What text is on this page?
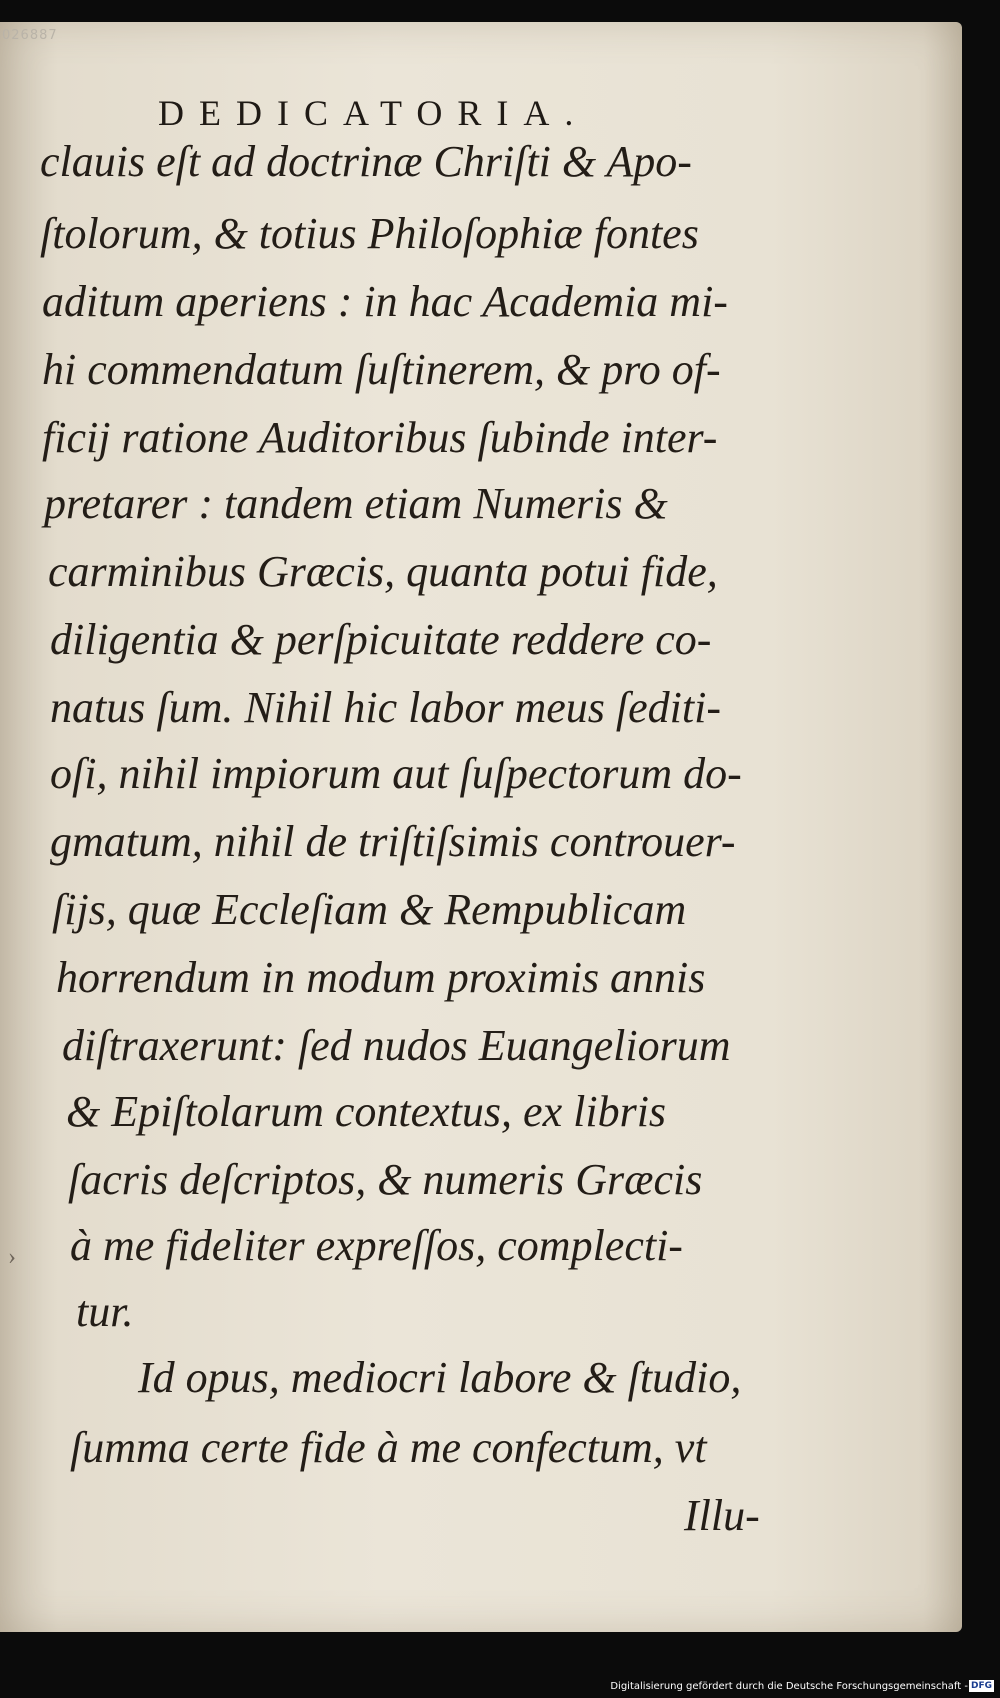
026887
DEDICATORIA.
clauis eſt ad doctrinæ Chriſti & Apo-
ſtolorum, & totius Philoſophiæ fontes
aditum aperiens : in hac Academia mi-
hi commendatum ſuſtinerem, & pro of-
ficij ratione Auditoribus ſubinde inter-
pretarer : tandem etiam Numeris &
carminibus Græcis, quanta potui fide,
diligentia & perſpicuitate reddere co-
natus ſum. Nihil hic labor meus ſediti-
oſi, nihil impiorum aut ſuſpectorum do-
gmatum, nihil de triſtiſsimis controuer-
ſijs, quæ Eccleſiam & Rempublicam
horrendum in modum proximis annis
diſtraxerunt: ſed nudos Euangeliorum
& Epiſtolarum contextus, ex libris
ſacris deſcriptos, & numeris Græcis
à me fideliter expreſſos, complecti-
tur.
Id opus, mediocri labore & ſtudio,
ſumma certe fide à me confectum, vt
Illu-
›
Digitalisierung gefördert durch die Deutsche Forschungsgemeinschaft - DFG
